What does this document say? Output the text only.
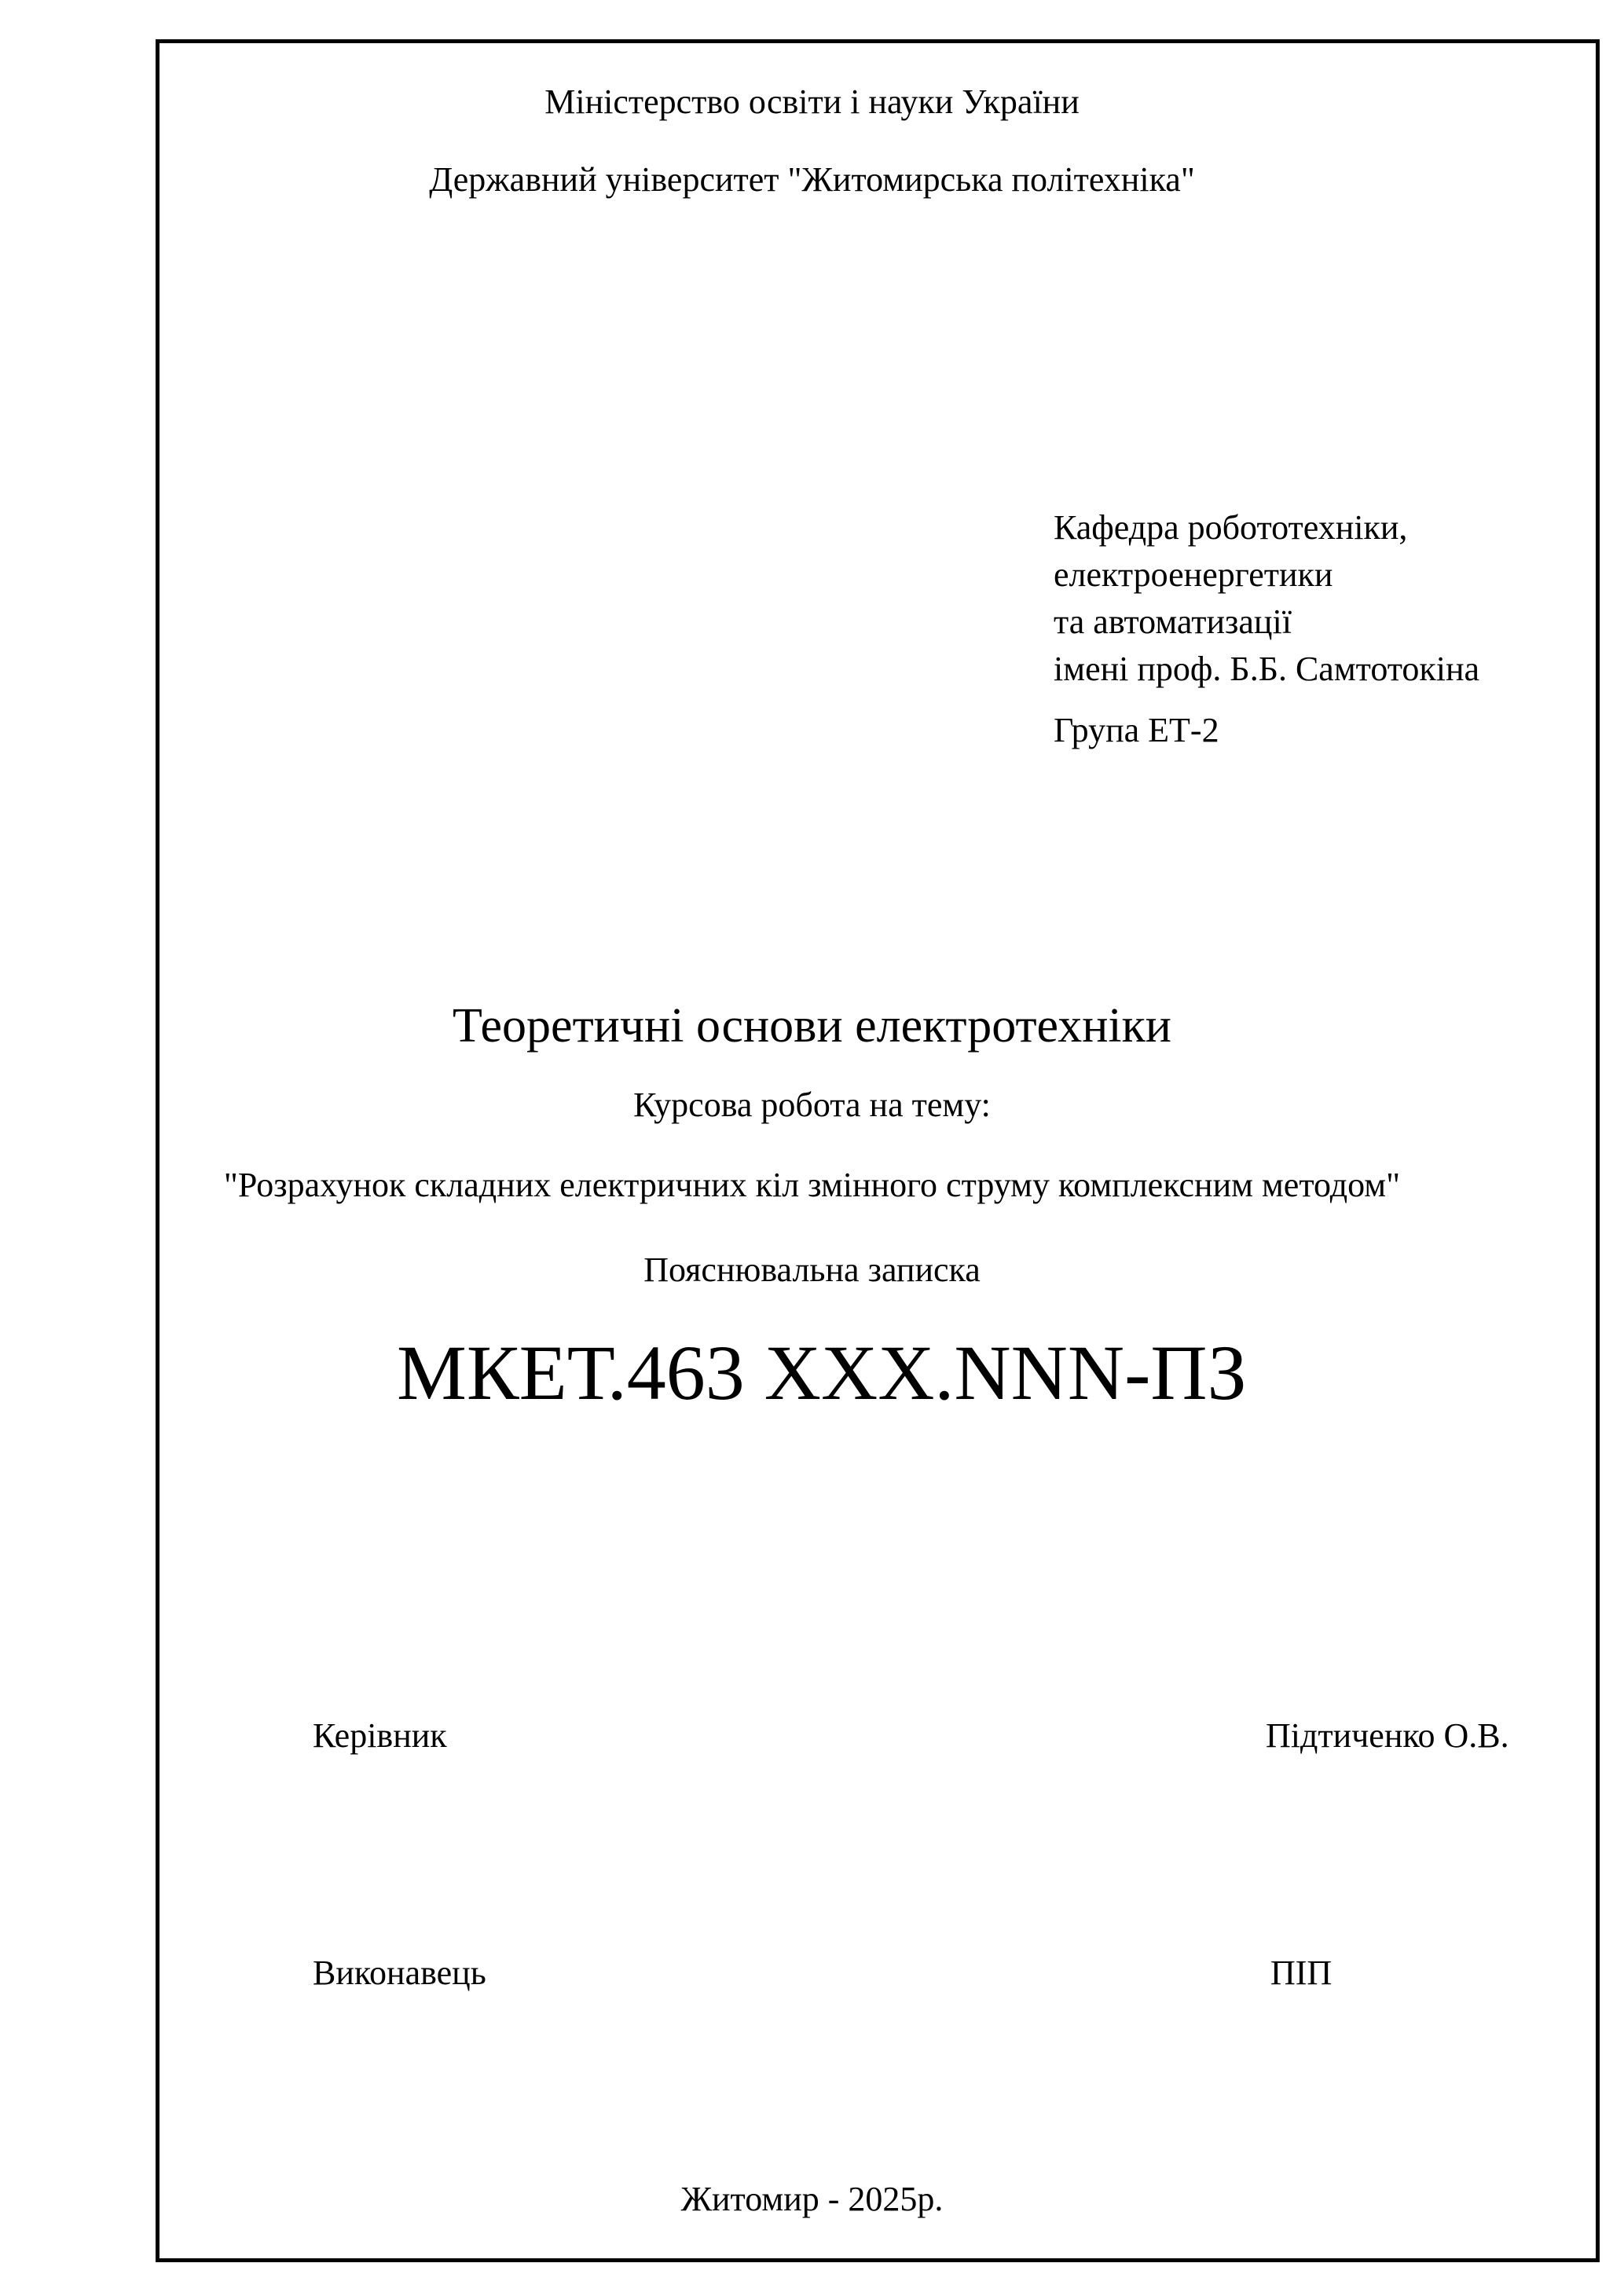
Міністерство освіти і науки України
Державний університет "Житомирська політехніка"
Кафедра робототехніки,
електроенергетики
та автоматизації
імені проф. Б.Б. Самтотокіна
Група ЕТ-2
Теоретичні основи електротехніки
Курсова робота на тему:
"Розрахунок складних електричних кіл змінного струму комплексним методом"
Пояснювальна записка
МКЕТ.463 XXX.NNN-ПЗ
Керівник	Підтиченко О.В.
Виконавець	ПІП
Житомир - 2025р.
